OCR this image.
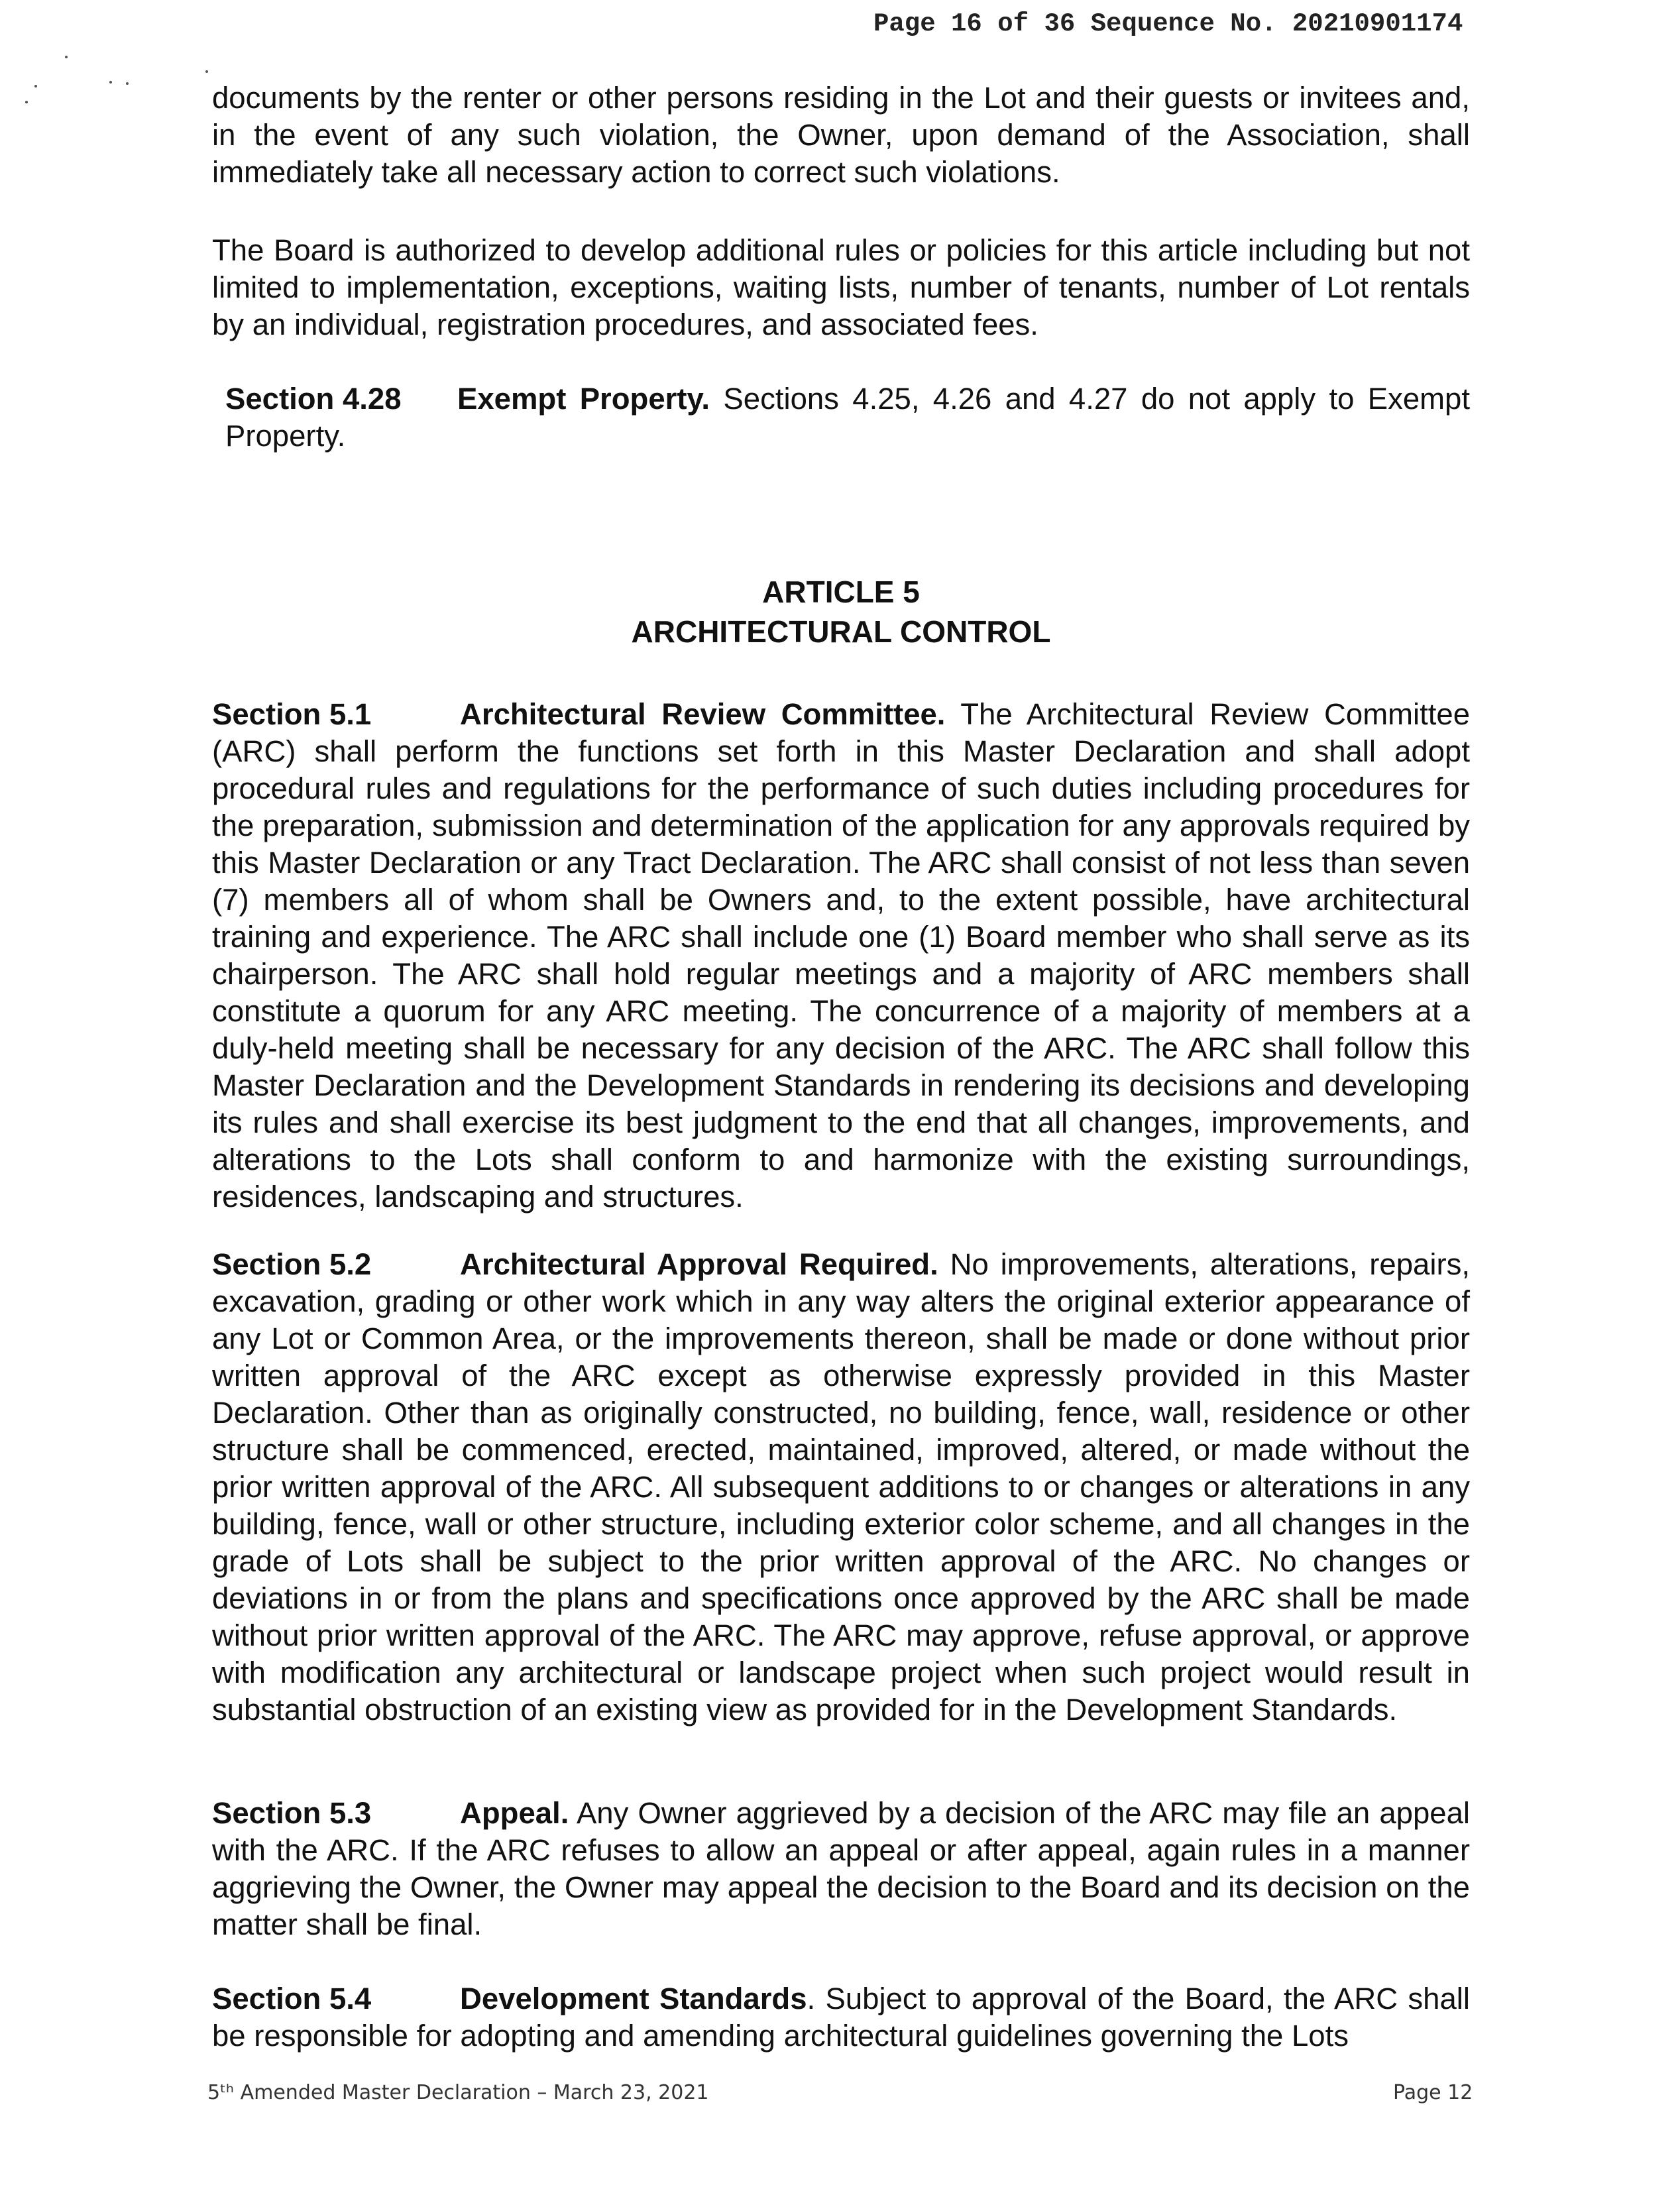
Page 16 of 36 Sequence No. 20210901174

documents by the renter or other persons residing in the Lot and their guests or invitees and, in the event of any such violation, the Owner, upon demand of the Association, shall immediately take all necessary action to correct such violations.

The Board is authorized to develop additional rules or policies for this article including but not limited to implementation, exceptions, waiting lists, number of tenants, number of Lot rentals by an individual, registration procedures, and associated fees.

Section 4.28 Exempt Property. Sections 4.25, 4.26 and 4.27 do not apply to Exempt Property.

ARTICLE 5
ARCHITECTURAL CONTROL

Section 5.1	Architectural Review Committee. The Architectural Review Committee (ARC) shall perform the functions set forth in this Master Declaration and shall adopt procedural rules and regulations for the performance of such duties including procedures for the preparation, submission and determination of the application for any approvals required by this Master Declaration or any Tract Declaration. The ARC shall consist of not less than seven (7) members all of whom shall be Owners and, to the extent possible, have architectural training and experience. The ARC shall include one (1) Board member who shall serve as its chairperson. The ARC shall hold regular meetings and a majority of ARC members shall constitute a quorum for any ARC meeting. The concurrence of a majority of members at a duly-held meeting shall be necessary for any decision of the ARC. The ARC shall follow this Master Declaration and the Development Standards in rendering its decisions and developing its rules and shall exercise its best judgment to the end that all changes, improvements, and alterations to the Lots shall conform to and harmonize with the existing surroundings, residences, landscaping and structures.

Section 5.2	Architectural Approval Required. No improvements, alterations, repairs, excavation, grading or other work which in any way alters the original exterior appearance of any Lot or Common Area, or the improvements thereon, shall be made or done without prior written approval of the ARC except as otherwise expressly provided in this Master Declaration. Other than as originally constructed, no building, fence, wall, residence or other structure shall be commenced, erected, maintained, improved, altered, or made without the prior written approval of the ARC. All subsequent additions to or changes or alterations in any building, fence, wall or other structure, including exterior color scheme, and all changes in the grade of Lots shall be subject to the prior written approval of the ARC. No changes or deviations in or from the plans and specifications once approved by the ARC shall be made without prior written approval of the ARC. The ARC may approve, refuse approval, or approve with modification any architectural or landscape project when such project would result in substantial obstruction of an existing view as provided for in the Development Standards.

Section 5.3	Appeal. Any Owner aggrieved by a decision of the ARC may file an appeal with the ARC. If the ARC refuses to allow an appeal or after appeal, again rules in a manner aggrieving the Owner, the Owner may appeal the decision to the Board and its decision on the matter shall be final.

Section 5.4	Development Standards. Subject to approval of the Board, the ARC shall be responsible for adopting and amending architectural guidelines governing the Lots

5ᵗʰ Amended Master Declaration – March 23, 2021	Page 12
